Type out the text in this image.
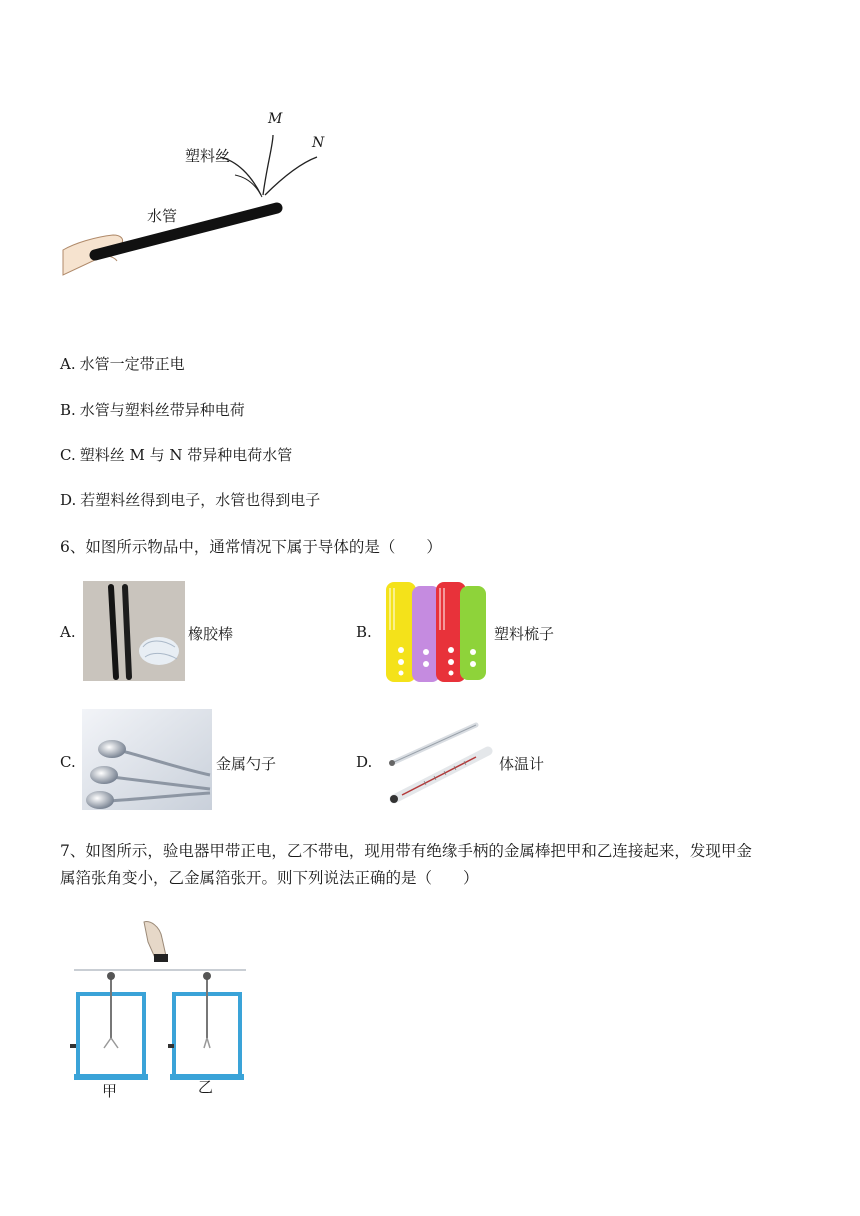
塑料丝
水管
M
N
A. 水管一定带正电
B. 水管与塑料丝带异种电荷
C. 塑料丝 M 与 N 带异种电荷水管
D. 若塑料丝得到电子，水管也得到电子
6、如图所示物品中，通常情况下属于导体的是（　　）
A.	橡胶棒	B.	塑料梳子
C.	金属勺子	D.	体温计
7、如图所示，验电器甲带正电，乙不带电，现用带有绝缘手柄的金属棒把甲和乙连接起来，发现甲金
属箔张角变小，乙金属箔张开。则下列说法正确的是（　　）
甲	乙
